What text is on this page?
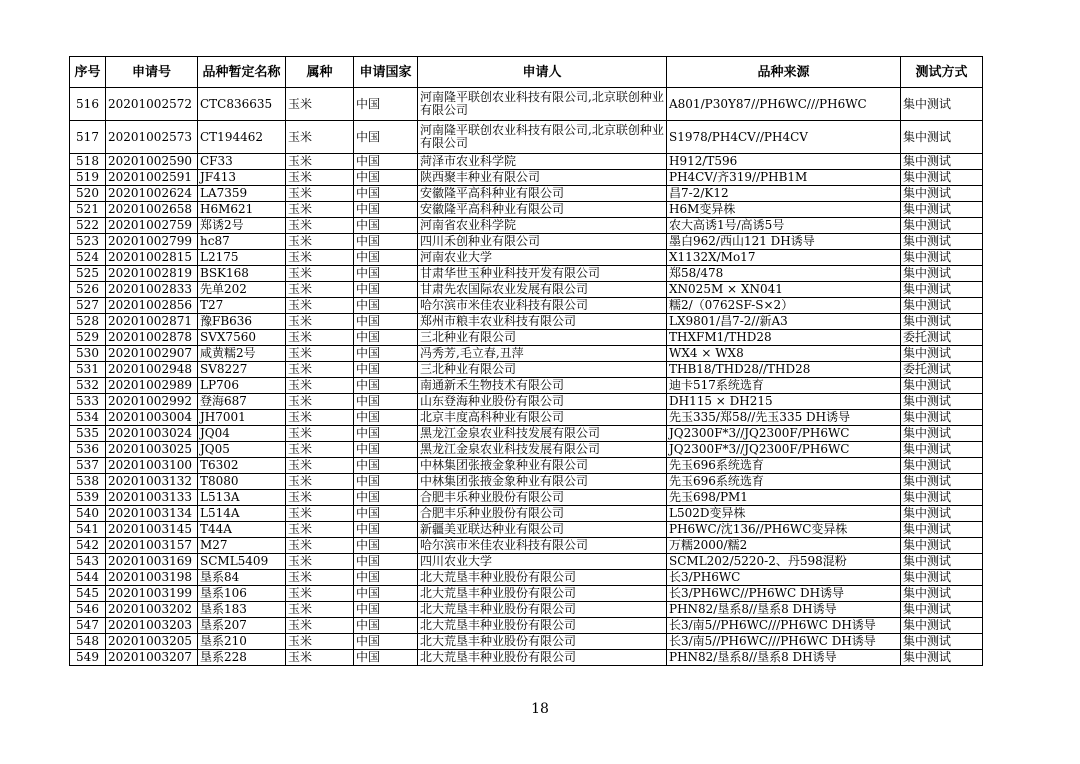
序号	申请号	品种暂定名称	属种	申请国家	申请人	品种来源	测试方式
516	20201002572	CTC836635	玉米	中国	河南隆平联创农业科技有限公司,北京联创种业有限公司	A801/P30Y87//PH6WC///PH6WC	集中测试
517	20201002573	CT194462	玉米	中国	河南隆平联创农业科技有限公司,北京联创种业有限公司	S1978/PH4CV//PH4CV	集中测试
518	20201002590	CF33	玉米	中国	菏泽市农业科学院	H912/T596	集中测试
519	20201002591	JF413	玉米	中国	陕西聚丰种业有限公司	PH4CV/齐319//PHB1M	集中测试
520	20201002624	LA7359	玉米	中国	安徽隆平高科种业有限公司	昌7-2/K12	集中测试
521	20201002658	H6M621	玉米	中国	安徽隆平高科种业有限公司	H6M变异株	集中测试
522	20201002759	郑诱2号	玉米	中国	河南省农业科学院	农大高诱1号/高诱5号	集中测试
523	20201002799	hc87	玉米	中国	四川禾创种业有限公司	墨白962/西山121 DH诱导	集中测试
524	20201002815	L2175	玉米	中国	河南农业大学	X1132X/Mo17	集中测试
525	20201002819	BSK168	玉米	中国	甘肃华世玉种业科技开发有限公司	郑58/478	集中测试
526	20201002833	先单202	玉米	中国	甘肃先农国际农业发展有限公司	XN025M × XN041	集中测试
527	20201002856	T27	玉米	中国	哈尔滨市米佳农业科技有限公司	糯2/（0762SF-S×2）	集中测试
528	20201002871	豫FB636	玉米	中国	郑州市粮丰农业科技有限公司	LX9801/昌7-2//新A3	集中测试
529	20201002878	SVX7560	玉米	中国	三北种业有限公司	THXFM1/THD28	委托测试
530	20201002907	咸黄糯2号	玉米	中国	冯秀芳,毛立春,丑萍	WX4 × WX8	集中测试
531	20201002948	SV8227	玉米	中国	三北种业有限公司	THB18/THD28//THD28	委托测试
532	20201002989	LP706	玉米	中国	南通新禾生物技术有限公司	迪卡517系统选育	集中测试
533	20201002992	登海687	玉米	中国	山东登海种业股份有限公司	DH115 × DH215	集中测试
534	20201003004	JH7001	玉米	中国	北京丰度高科种业有限公司	先玉335/郑58//先玉335 DH诱导	集中测试
535	20201003024	JQ04	玉米	中国	黑龙江金泉农业科技发展有限公司	JQ2300F*3//JQ2300F/PH6WC	集中测试
536	20201003025	JQ05	玉米	中国	黑龙江金泉农业科技发展有限公司	JQ2300F*3//JQ2300F/PH6WC	集中测试
537	20201003100	T6302	玉米	中国	中林集团张掖金象种业有限公司	先玉696系统选育	集中测试
538	20201003132	T8080	玉米	中国	中林集团张掖金象种业有限公司	先玉696系统选育	集中测试
539	20201003133	L513A	玉米	中国	合肥丰乐种业股份有限公司	先玉698/PM1	集中测试
540	20201003134	L514A	玉米	中国	合肥丰乐种业股份有限公司	L502D变异株	集中测试
541	20201003145	T44A	玉米	中国	新疆美亚联达种业有限公司	PH6WC/沈136//PH6WC变异株	集中测试
542	20201003157	M27	玉米	中国	哈尔滨市米佳农业科技有限公司	万糯2000/糯2	集中测试
543	20201003169	SCML5409	玉米	中国	四川农业大学	SCML202/5220-2、丹598混粉	集中测试
544	20201003198	垦系84	玉米	中国	北大荒垦丰种业股份有限公司	长3/PH6WC	集中测试
545	20201003199	垦系106	玉米	中国	北大荒垦丰种业股份有限公司	长3/PH6WC//PH6WC DH诱导	集中测试
546	20201003202	垦系183	玉米	中国	北大荒垦丰种业股份有限公司	PHN82/垦系8//垦系8 DH诱导	集中测试
547	20201003203	垦系207	玉米	中国	北大荒垦丰种业股份有限公司	长3/南5//PH6WC///PH6WC DH诱导	集中测试
548	20201003205	垦系210	玉米	中国	北大荒垦丰种业股份有限公司	长3/南5//PH6WC///PH6WC DH诱导	集中测试
549	20201003207	垦系228	玉米	中国	北大荒垦丰种业股份有限公司	PHN82/垦系8//垦系8 DH诱导	集中测试
18
